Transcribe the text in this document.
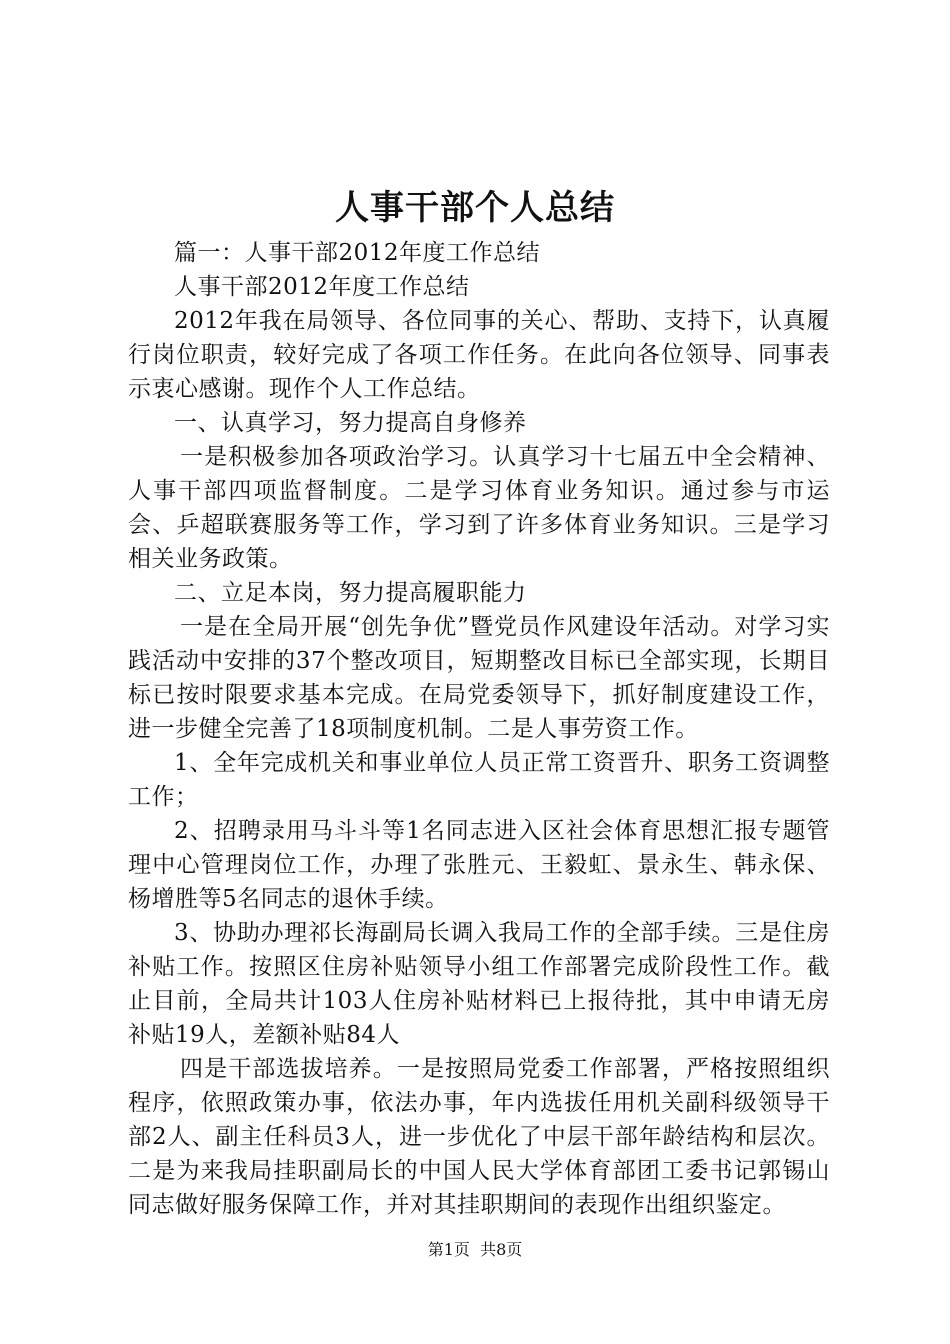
人事干部个人总结

篇一：人事干部2012年度工作总结

人事干部2012年度工作总结

2012年我在局领导、各位同事的关心、帮助、支持下，认真履行岗位职责，较好完成了各项工作任务。在此向各位领导、同事表示衷心感谢。现作个人工作总结。

一、认真学习，努力提高自身修养

一是积极参加各项政治学习。认真学习十七届五中全会精神、人事干部四项监督制度。二是学习体育业务知识。通过参与市运会、乒超联赛服务等工作，学习到了许多体育业务知识。三是学习相关业务政策。

二、立足本岗，努力提高履职能力

一是在全局开展“创先争优”暨党员作风建设年活动。对学习实践活动中安排的37个整改项目，短期整改目标已全部实现，长期目标已按时限要求基本完成。在局党委领导下，抓好制度建设工作，进一步健全完善了18项制度机制。二是人事劳资工作。

1、全年完成机关和事业单位人员正常工资晋升、职务工资调整工作；

2、招聘录用马斗斗等1名同志进入区社会体育思想汇报专题管理中心管理岗位工作，办理了张胜元、王毅虹、景永生、韩永保、杨增胜等5名同志的退休手续。

3、协助办理祁长海副局长调入我局工作的全部手续。三是住房补贴工作。按照区住房补贴领导小组工作部署完成阶段性工作。截止目前，全局共计103人住房补贴材料已上报待批，其中申请无房补贴19人，差额补贴84人

四是干部选拔培养。一是按照局党委工作部署，严格按照组织程序，依照政策办事，依法办事，年内选拔任用机关副科级领导干部2人、副主任科员3人，进一步优化了中层干部年龄结构和层次。二是为来我局挂职副局长的中国人民大学体育部团工委书记郭锡山同志做好服务保障工作，并对其挂职期间的表现作出组织鉴定。

第1页  共8页
